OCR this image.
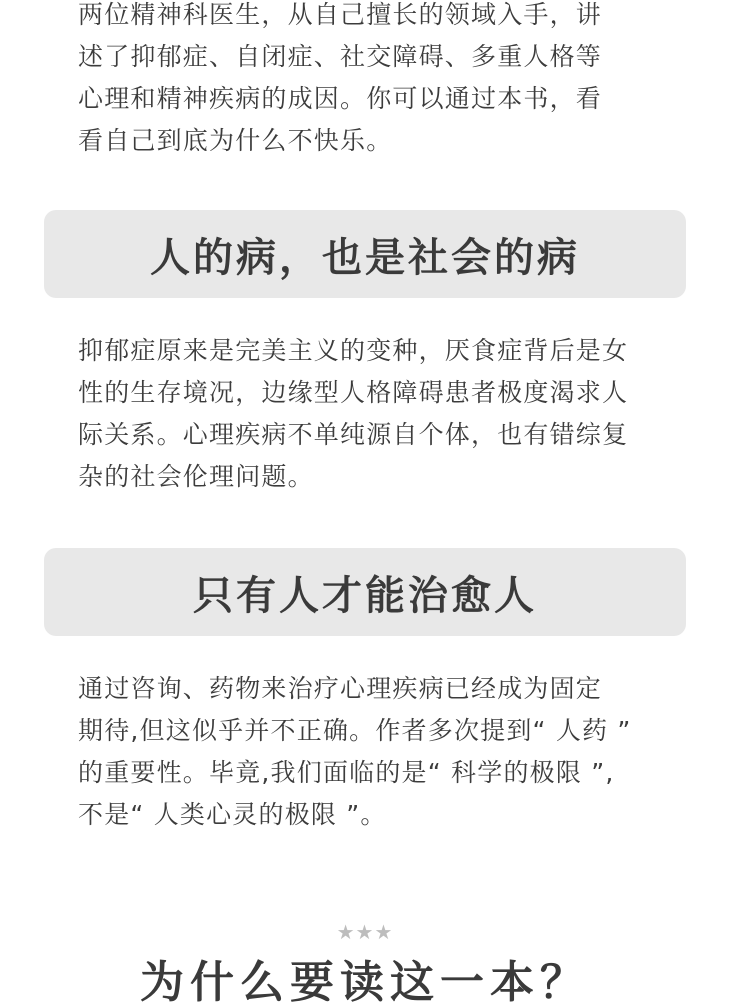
两位精神科医生，从自己擅长的领域入手，讲
述了抑郁症、自闭症、社交障碍、多重人格等
心理和精神疾病的成因。你可以通过本书，看
看自己到底为什么不快乐。
人的病，也是社会的病
抑郁症原来是完美主义的变种，厌食症背后是女
性的生存境况，边缘型人格障碍患者极度渴求人
际关系。心理疾病不单纯源自个体，也有错综复
杂的社会伦理问题。
只有人才能治愈人
通过咨询、药物来治疗心理疾病已经成为固定
期待,但这似乎并不正确。作者多次提到“ 人药 ”
的重要性。毕竟,我们面临的是“ 科学的极限 ”,
不是“ 人类心灵的极限 ”。
★★★
为什么要读这一本？
